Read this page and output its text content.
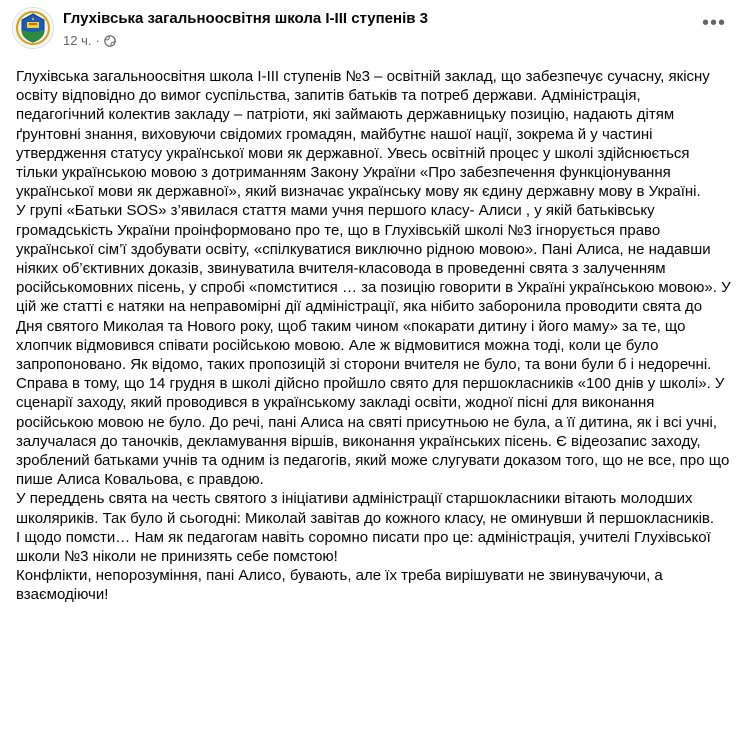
Глухівська загальноосвітня школа I-III ступенів 3
12 ч. ·
•••

Глухівська загальноосвітня школа І-ІІІ ступенів №3 – освітній заклад, що забезпечує сучасну, якісну освіту відповідно до вимог суспільства, запитів батьків та потреб держави. Адміністрація, педагогічний колектив закладу – патріоти, які займають державницьку позицію, надають дітям ґрунтовні знання, виховуючи свідомих громадян, майбутнє нашої нації, зокрема й у частині утвердження статусу української мови як державної. Увесь освітній процес у школі здійснюється тільки українською мовою з дотриманням Закону України «Про забезпечення функціонування української мови як державної», який визначає українську мову як єдину державну мову в Україні.

У групі «Батьки SOS» з’явилася стаття мами учня першого класу- Алиси , у якій батьківську громадськість України проінформовано про те, що в Глухівській школі №3 ігнорується право української сім’ї здобувати освіту, «спілкуватися виключно рідною мовою». Пані Алиса, не надавши ніяких об’єктивних доказів, звинуватила вчителя-класовода в проведенні свята з залученням російськомовних пісень, у спробі «помститися … за позицію говорити в Україні українською мовою». У цій же статті є натяки на неправомірні дії адміністрації, яка нібито заборонила проводити свята до Дня святого Миколая та Нового року, щоб таким чином «покарати дитину і його маму» за те, що хлопчик відмовився співати російською мовою. Але ж відмовитися можна тоді, коли це було запропоновано. Як відомо, таких пропозицій зі сторони вчителя не було, та вони були б і недоречні. Справа в тому, що 14 грудня в школі дійсно пройшло свято для першокласників «100 днів у школі». У сценарії заходу, який проводився в українському закладі освіти, жодної пісні для виконання російською мовою не було. До речі, пані Алиса на святі присутньою не була, а її дитина, як і всі учні, залучалася до таночків, декламування віршів, виконання українських пісень. Є відеозапис заходу, зроблений батьками учнів та одним із педагогів, який може слугувати доказом того, що не все, про що пише Алиса Ковальова, є правдою.

У переддень свята на честь святого з ініціативи адміністрації старшокласники вітають молодших школяриків. Так було й сьогодні: Миколай завітав до кожного класу, не оминувши й першокласників.

І щодо помсти… Нам як педагогам навіть соромно писати про це: адміністрація, учителі Глухівської школи №3 ніколи не принизять себе помстою!

Конфлікти, непорозуміння, пані Алисо, бувають, але їх треба вирішувати не звинувачуючи, а взаємодіючи!
